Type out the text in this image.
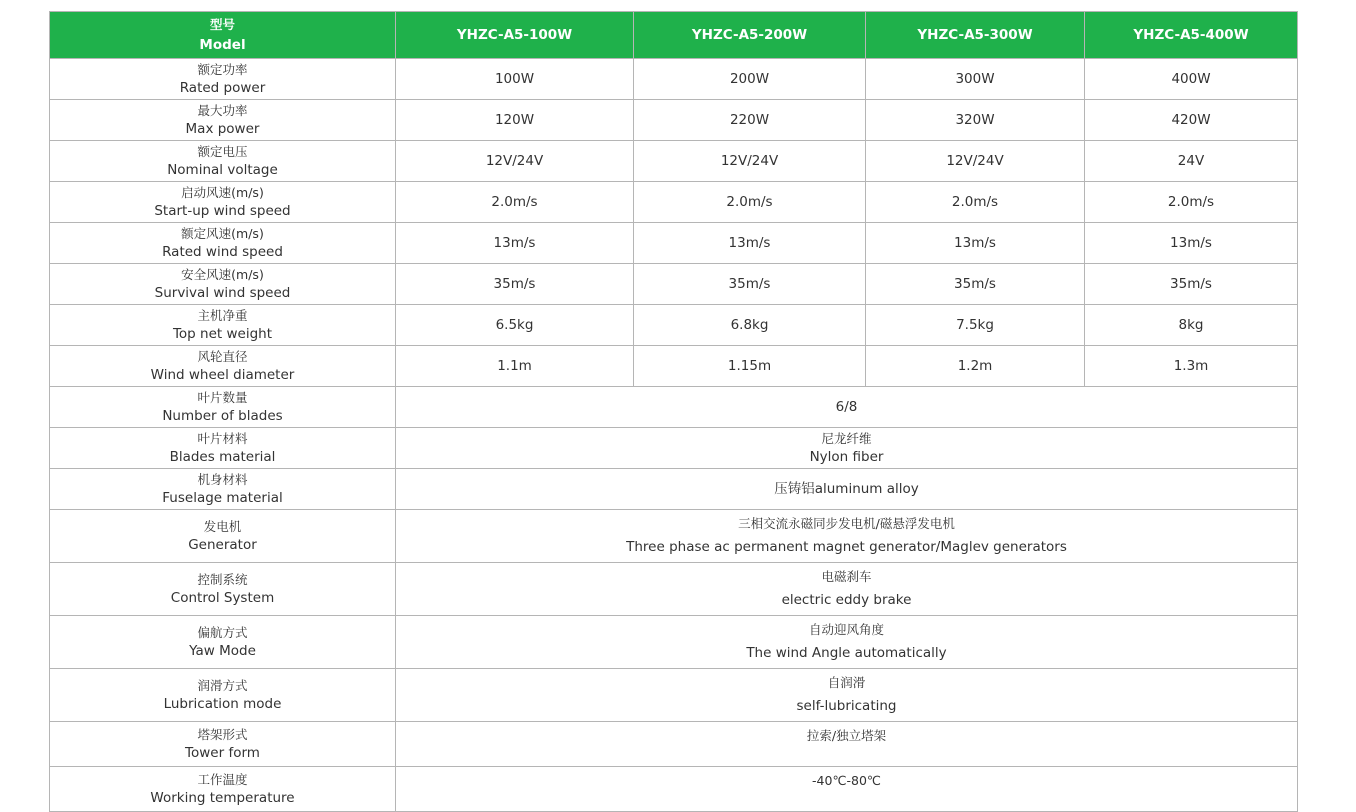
型号
Model	YHZC-A5-100W	YHZC-A5-200W	YHZC-A5-300W	YHZC-A5-400W

额定功率
Rated power	100W	200W	300W	400W

最大功率
Max power	120W	220W	320W	420W

额定电压
Nominal voltage	12V/24V	12V/24V	12V/24V	24V

启动风速(m/s)
Start-up wind speed	2.0m/s	2.0m/s	2.0m/s	2.0m/s

额定风速(m/s)
Rated wind speed	13m/s	13m/s	13m/s	13m/s

安全风速(m/s)
Survival wind speed	35m/s	35m/s	35m/s	35m/s

主机净重
Top net weight	6.5kg	6.8kg	7.5kg	8kg

风轮直径
Wind wheel diameter	1.1m	1.15m	1.2m	1.3m

叶片数量
Number of blades	6/8			

叶片材料
Blades material	尼龙纤维
Nylon fiber			

机身材料
Fuselage material	压铸铝aluminum alloy			

发电机
Generator	三相交流永磁同步发电机/磁悬浮发电机
Three phase ac permanent magnet generator/Maglev generators			

控制系统
Control System	电磁刹车
electric eddy brake			

偏航方式
Yaw Mode	自动迎风角度
The wind Angle automatically			

润滑方式
Lubrication mode	自润滑
self-lubricating			

塔架形式
Tower form	拉索/独立塔架			

工作温度
Working temperature	-40℃-80℃			
